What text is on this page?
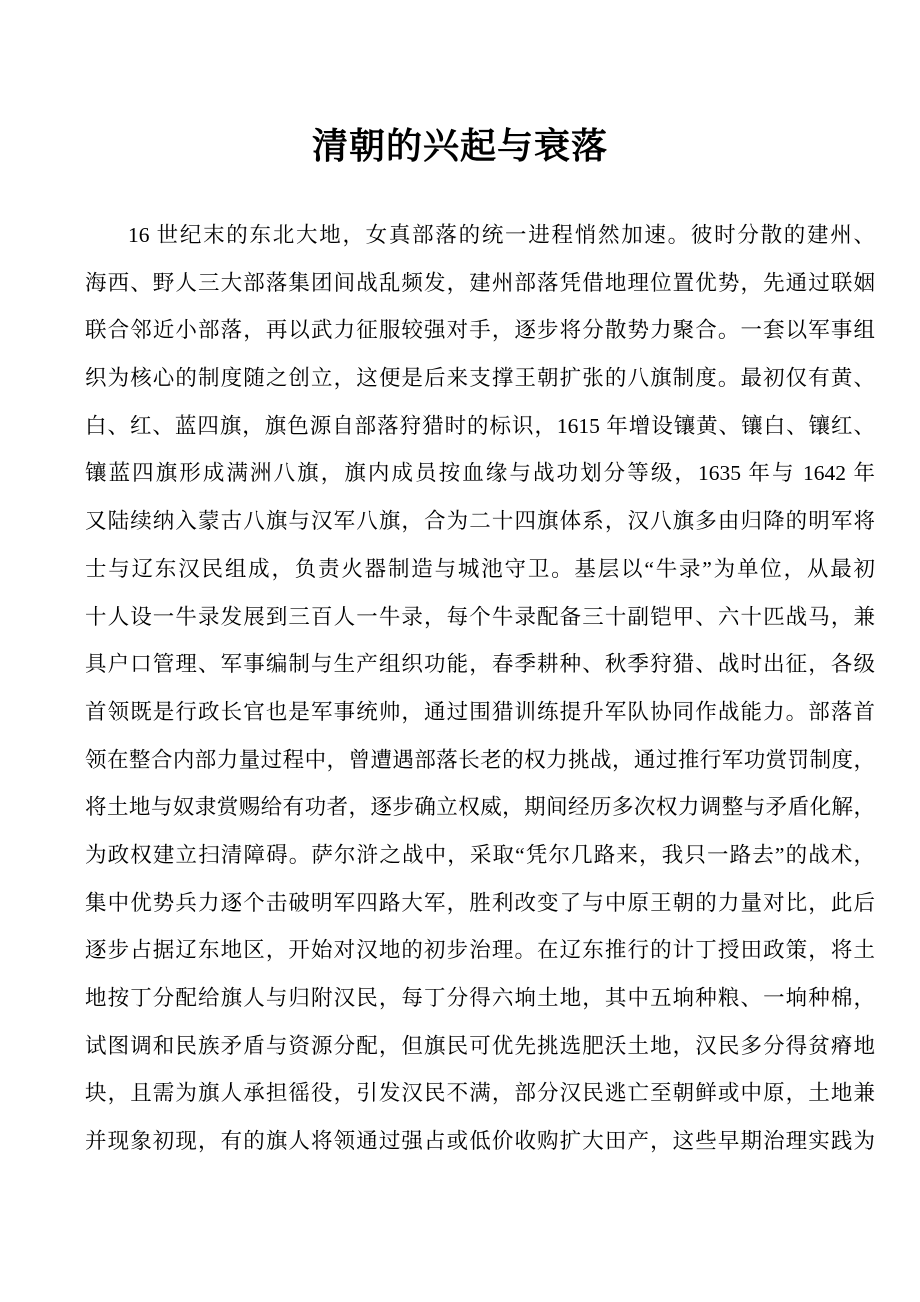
清朝的兴起与衰落
16 世纪末的东北大地，女真部落的统一进程悄然加速。彼时分散的建州、
海西、野人三大部落集团间战乱频发，建州部落凭借地理位置优势，先通过联姻
联合邻近小部落，再以武力征服较强对手，逐步将分散势力聚合。一套以军事组
织为核心的制度随之创立，这便是后来支撑王朝扩张的八旗制度。最初仅有黄、
白、红、蓝四旗，旗色源自部落狩猎时的标识，1615 年增设镶黄、镶白、镶红、
镶蓝四旗形成满洲八旗，旗内成员按血缘与战功划分等级，1635 年与 1642 年
又陆续纳入蒙古八旗与汉军八旗，合为二十四旗体系，汉八旗多由归降的明军将
士与辽东汉民组成，负责火器制造与城池守卫。基层以“牛录”为单位，从最初
十人设一牛录发展到三百人一牛录，每个牛录配备三十副铠甲、六十匹战马，兼
具户口管理、军事编制与生产组织功能，春季耕种、秋季狩猎、战时出征，各级
首领既是行政长官也是军事统帅，通过围猎训练提升军队协同作战能力。部落首
领在整合内部力量过程中，曾遭遇部落长老的权力挑战，通过推行军功赏罚制度，
将土地与奴隶赏赐给有功者，逐步确立权威，期间经历多次权力调整与矛盾化解，
为政权建立扫清障碍。萨尔浒之战中，采取“凭尔几路来，我只一路去”的战术，
集中优势兵力逐个击破明军四路大军，胜利改变了与中原王朝的力量对比，此后
逐步占据辽东地区，开始对汉地的初步治理。在辽东推行的计丁授田政策，将土
地按丁分配给旗人与归附汉民，每丁分得六垧土地，其中五垧种粮、一垧种棉，
试图调和民族矛盾与资源分配，但旗民可优先挑选肥沃土地，汉民多分得贫瘠地
块，且需为旗人承担徭役，引发汉民不满，部分汉民逃亡至朝鲜或中原，土地兼
并现象初现，有的旗人将领通过强占或低价收购扩大田产，这些早期治理实践为
